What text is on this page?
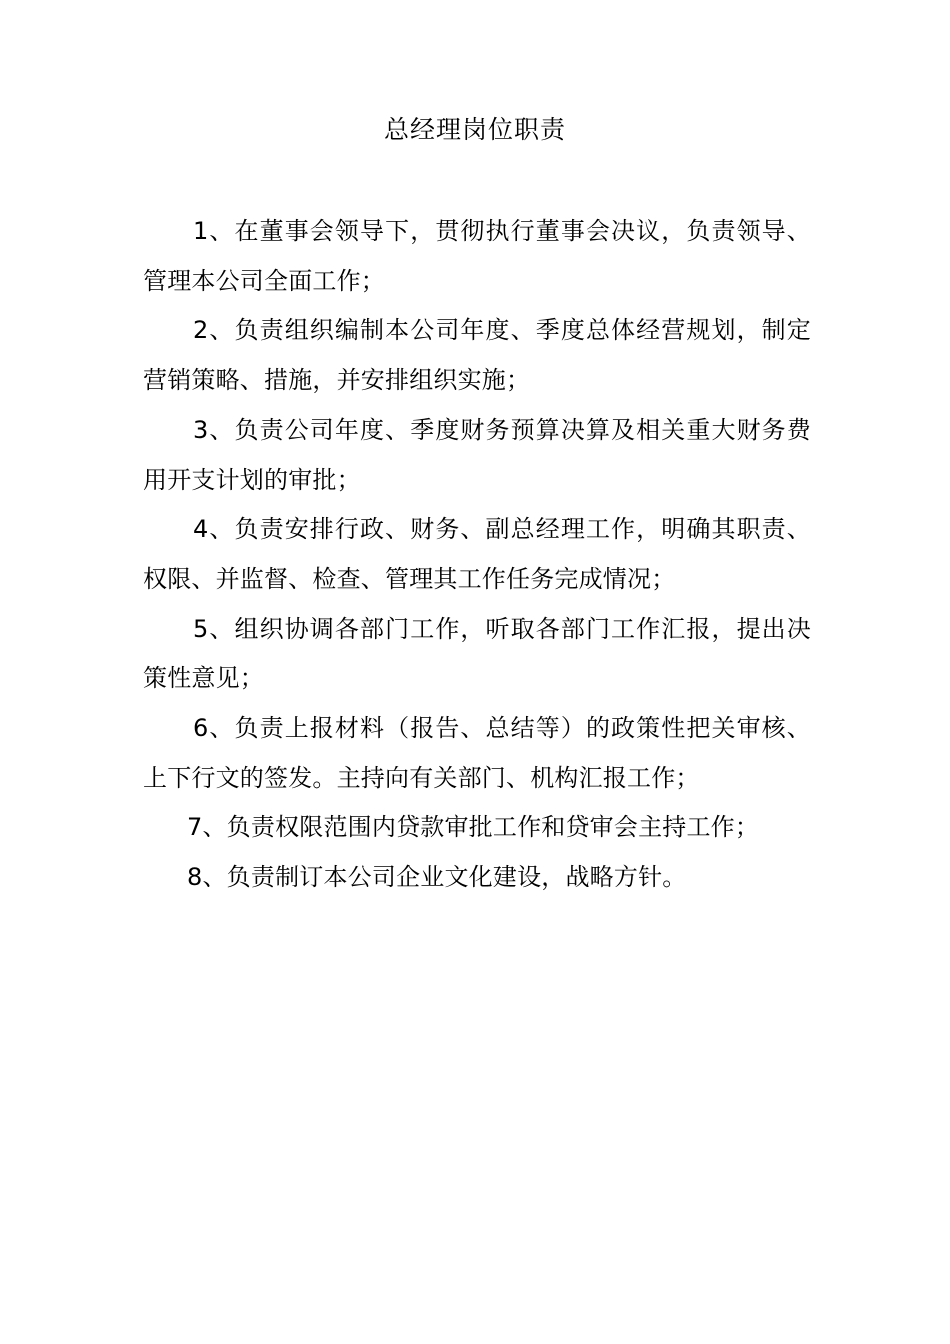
总经理岗位职责
1、在董事会领导下，贯彻执行董事会决议，负责领导、管理本公司全面工作；
2、负责组织编制本公司年度、季度总体经营规划，制定营销策略、措施，并安排组织实施；
3、负责公司年度、季度财务预算决算及相关重大财务费用开支计划的审批；
4、负责安排行政、财务、副总经理工作，明确其职责、权限、并监督、检查、管理其工作任务完成情况；
5、组织协调各部门工作，听取各部门工作汇报，提出决策性意见；
6、负责上报材料（报告、总结等）的政策性把关审核、上下行文的签发。主持向有关部门、机构汇报工作；
7、负责权限范围内贷款审批工作和贷审会主持工作；
8、负责制订本公司企业文化建设，战略方针。
